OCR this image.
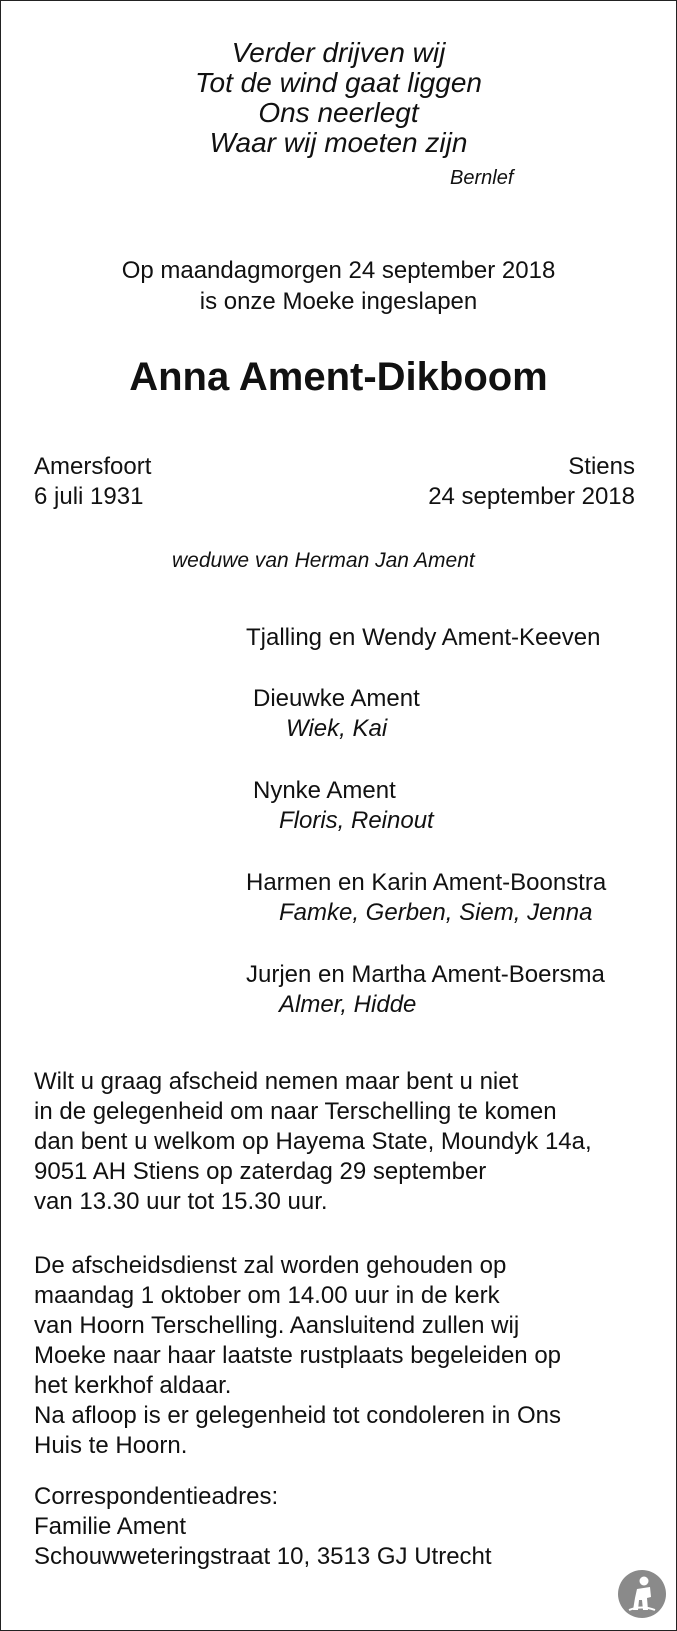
Verder drijven wij
Tot de wind gaat liggen
Ons neerlegt
Waar wij moeten zijn
Bernlef
Op maandagmorgen 24 september 2018
is onze Moeke ingeslapen
Anna Ament-Dikboom
Amersfoort
6 juli 1931
Stiens
24 september 2018
weduwe van Herman Jan Ament
Tjalling en Wendy Ament-Keeven
Dieuwke Ament
Wiek, Kai
Nynke Ament
Floris, Reinout
Harmen en Karin Ament-Boonstra
Famke, Gerben, Siem, Jenna
Jurjen en Martha Ament-Boersma
Almer, Hidde
Wilt u graag afscheid nemen maar bent u niet
in de gelegenheid om naar Terschelling te komen
dan bent u welkom op Hayema State, Moundyk 14a,
9051 AH Stiens op zaterdag 29 september
van 13.30 uur tot 15.30 uur.
De afscheidsdienst zal worden gehouden op
maandag 1 oktober om 14.00 uur in de kerk
van Hoorn Terschelling. Aansluitend zullen wij
Moeke naar haar laatste rustplaats begeleiden op
het kerkhof aldaar.
Na afloop is er gelegenheid tot condoleren in Ons
Huis te Hoorn.
Correspondentieadres:
Familie Ament
Schouwweteringstraat 10, 3513 GJ Utrecht
